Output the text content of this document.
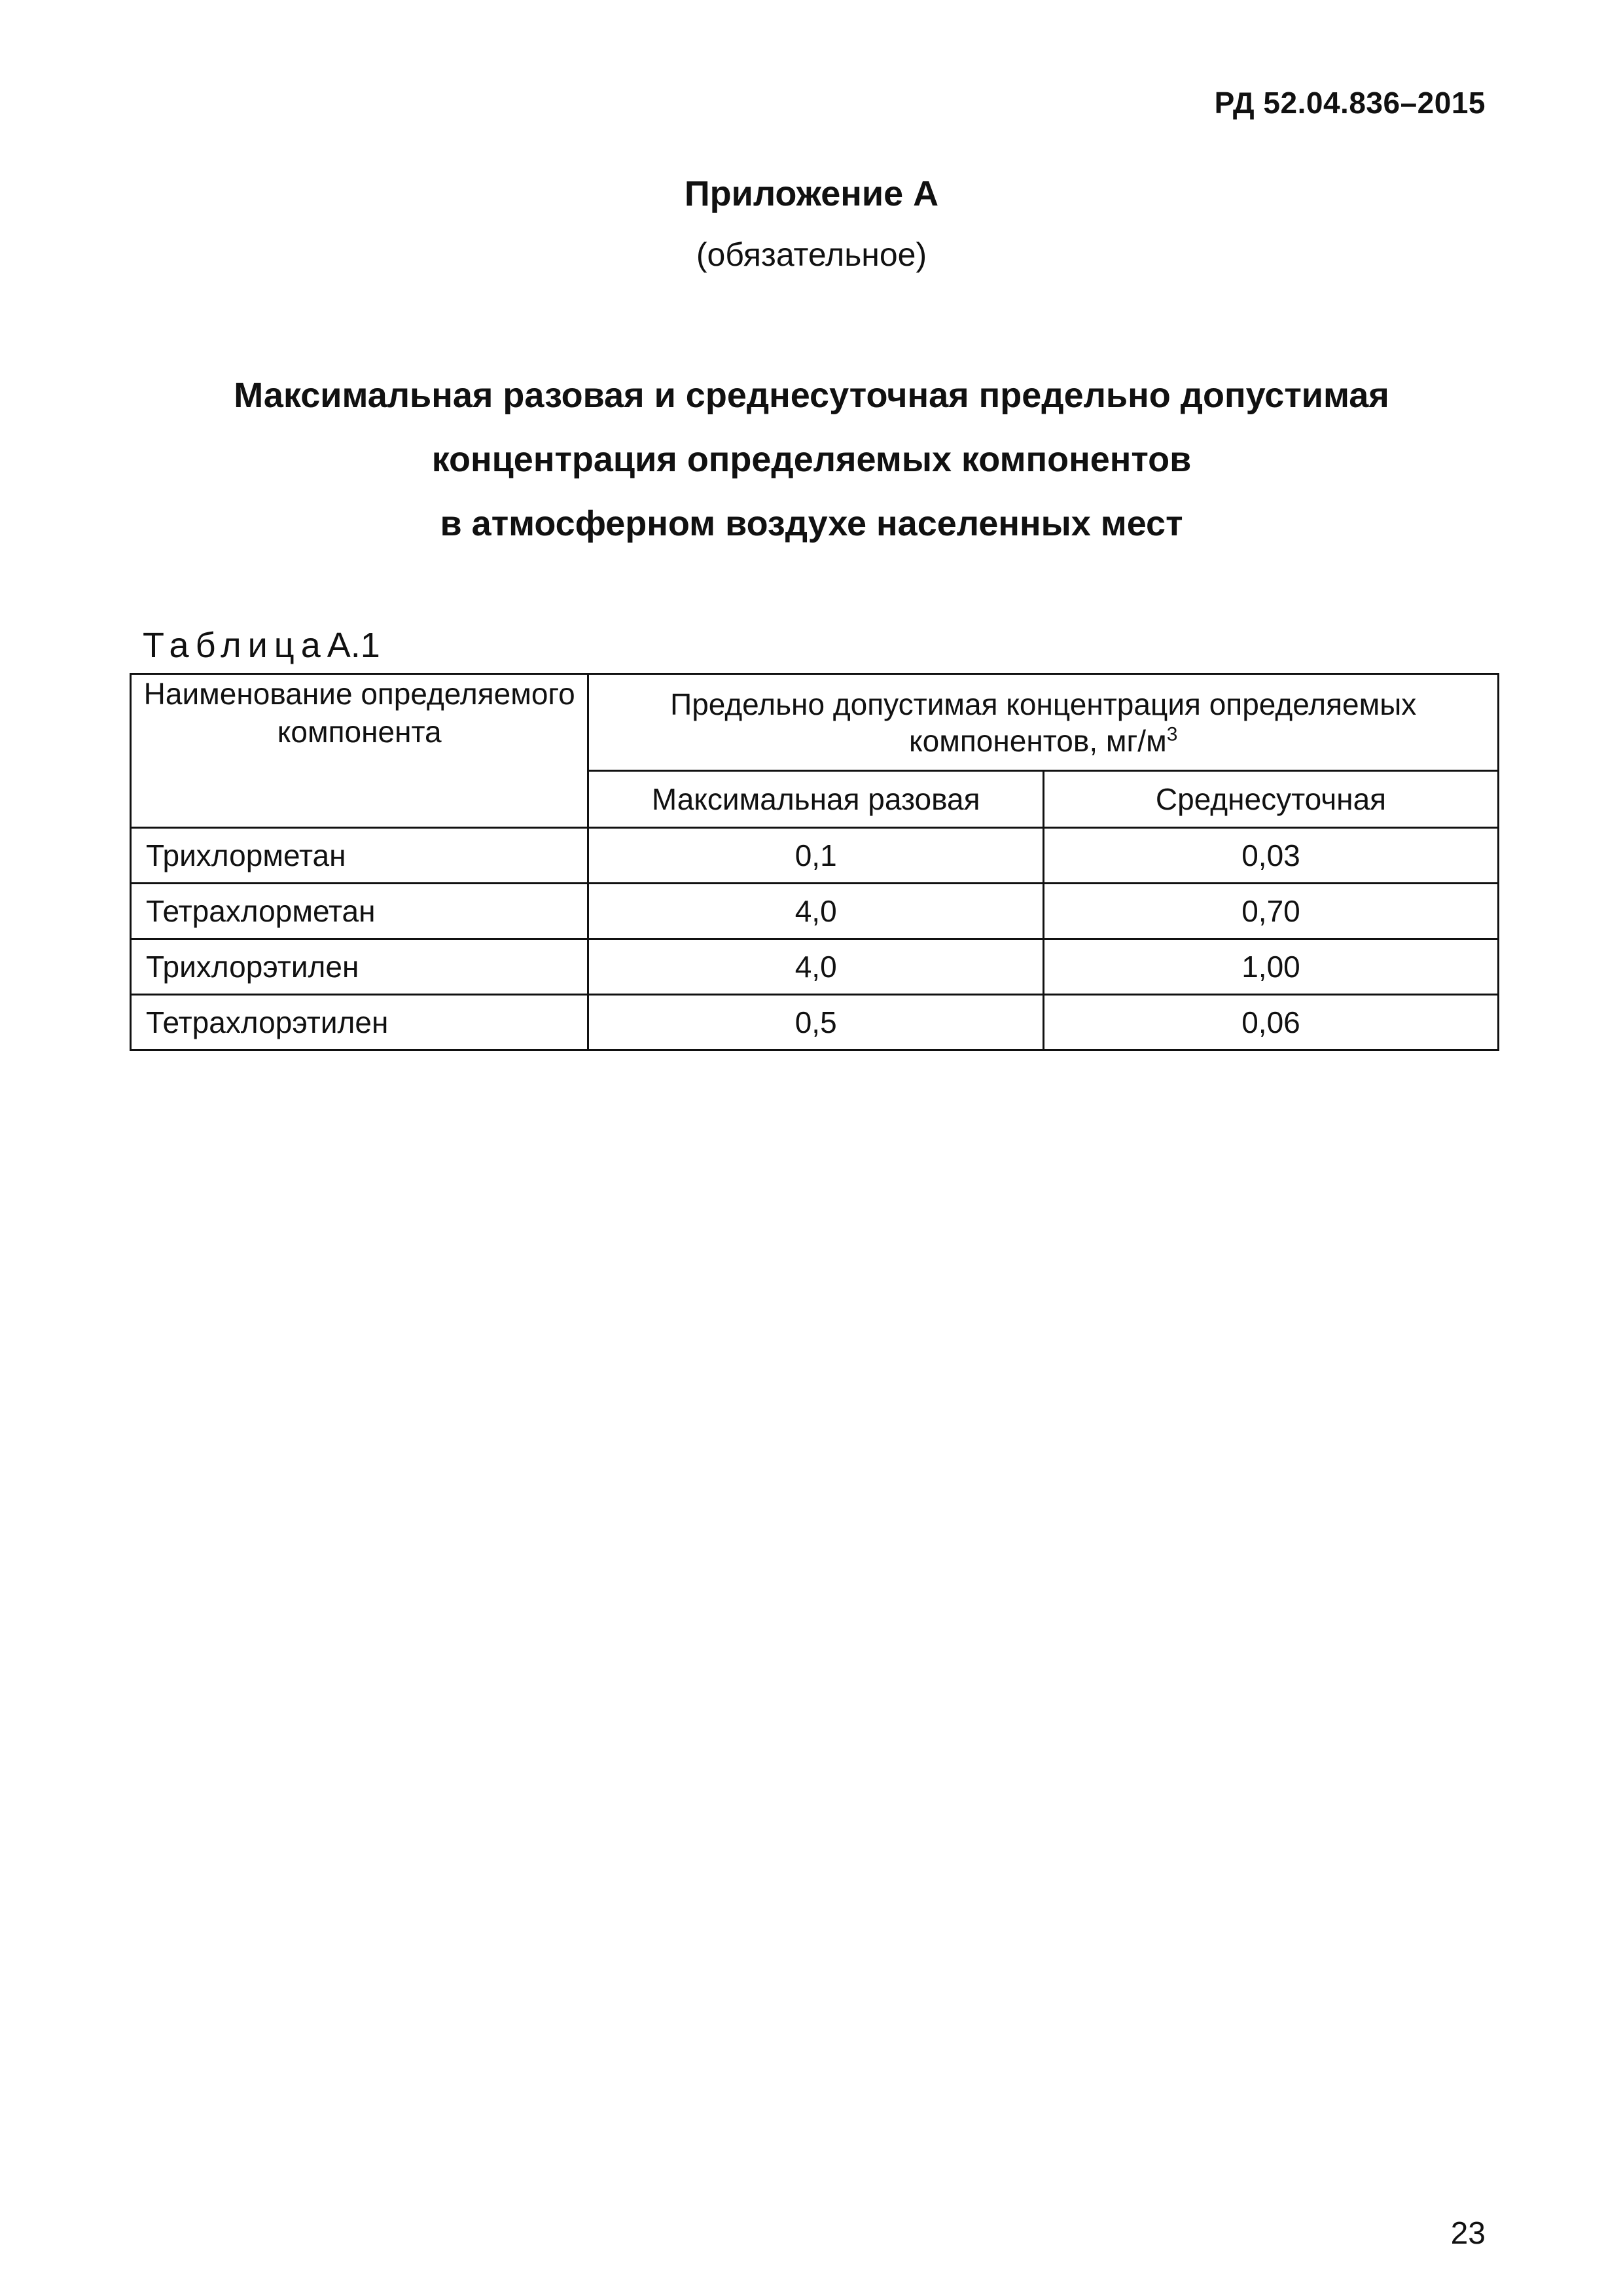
РД 52.04.836–2015
Приложение А
(обязательное)
Максимальная разовая и среднесуточная предельно допустимая
концентрация определяемых компонентов
в атмосферном воздухе населенных мест
ТаблицаА.1
Наименование определяемого компонента	Предельно допустимая концентрация определяемых компонентов, $мг/м^3$
	Максимальная разовая	Среднесуточная
Трихлорметан	0,1	0,03
Тетрахлорметан	4,0	0,70
Трихлорэтилен	4,0	1,00
Тетрахлорэтилен	0,5	0,06
23
